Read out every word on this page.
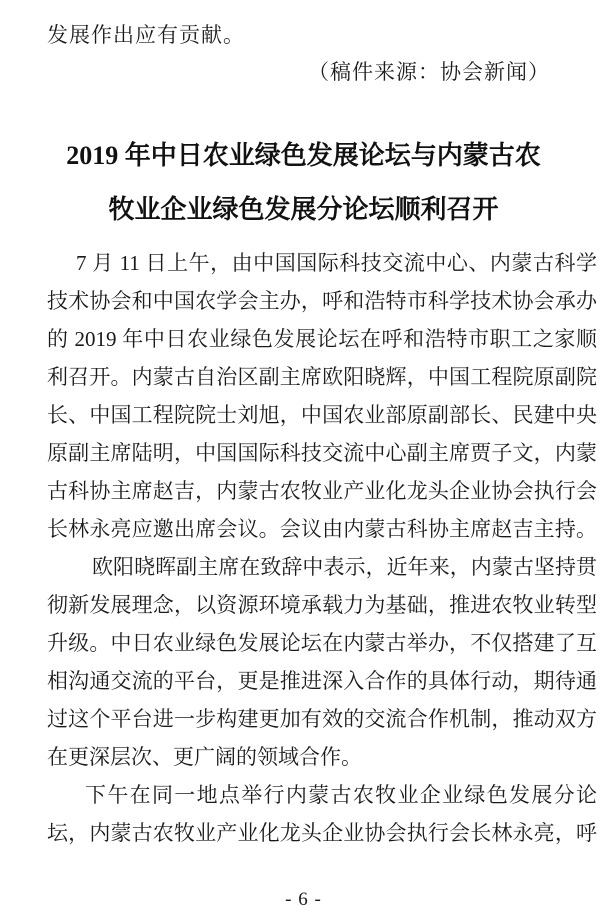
发展作出应有贡献。
（稿件来源：协会新闻）
2019 年中日农业绿色发展论坛与内蒙古农
牧业企业绿色发展分论坛顺利召开
7 月 11 日上午，由中国国际科技交流中心、内蒙古科学
技术协会和中国农学会主办，呼和浩特市科学技术协会承办
的 2019 年中日农业绿色发展论坛在呼和浩特市职工之家顺
利召开。内蒙古自治区副主席欧阳晓辉，中国工程院原副院
长、中国工程院院士刘旭，中国农业部原副部长、民建中央
原副主席陆明，中国国际科技交流中心副主席贾子文，内蒙
古科协主席赵吉，内蒙古农牧业产业化龙头企业协会执行会
长林永亮应邀出席会议。会议由内蒙古科协主席赵吉主持。
欧阳晓晖副主席在致辞中表示，近年来，内蒙古坚持贯
彻新发展理念，以资源环境承载力为基础，推进农牧业转型
升级。中日农业绿色发展论坛在内蒙古举办，不仅搭建了互
相沟通交流的平台，更是推进深入合作的具体行动，期待通
过这个平台进一步构建更加有效的交流合作机制，推动双方
在更深层次、更广阔的领域合作。
下午在同一地点举行内蒙古农牧业企业绿色发展分论
坛，内蒙古农牧业产业化龙头企业协会执行会长林永亮，呼
- 6 -
